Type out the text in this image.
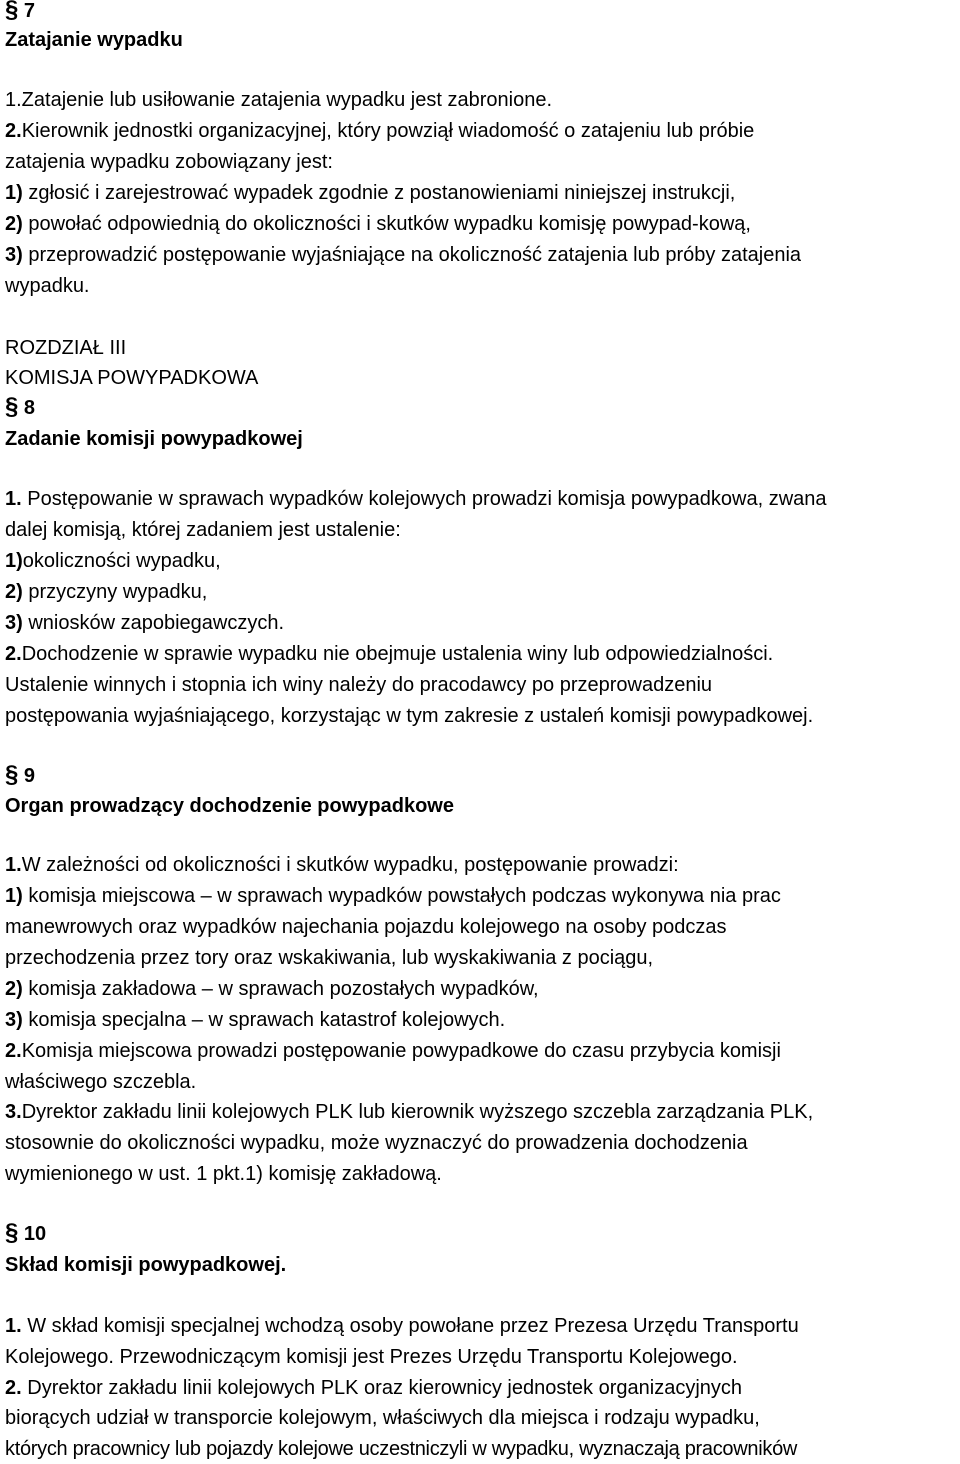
§ 7
Zatajanie wypadku
1.Zatajenie lub usiłowanie zatajenia wypadku jest zabronione.
2.Kierownik jednostki organizacyjnej, który powziął wiadomość o zatajeniu lub próbie
zatajenia wypadku zobowiązany jest:
1) zgłosić i zarejestrować wypadek zgodnie z postanowieniami niniejszej instrukcji,
2) powołać odpowiednią do okoliczności i skutków wypadku komisję powypad-kową,
3) przeprowadzić postępowanie wyjaśniające na okoliczność zatajenia lub próby zatajenia
wypadku.
ROZDZIAŁ III
KOMISJA POWYPADKOWA
§ 8
Zadanie komisji powypadkowej
1. Postępowanie w sprawach wypadków kolejowych prowadzi komisja powypadkowa, zwana
dalej komisją, której zadaniem jest ustalenie:
1)okoliczności wypadku,
2) przyczyny wypadku,
3) wniosków zapobiegawczych.
2.Dochodzenie w sprawie wypadku nie obejmuje ustalenia winy lub odpowiedzialności.
Ustalenie winnych i stopnia ich winy należy do pracodawcy po przeprowadzeniu
postępowania wyjaśniającego, korzystając w tym zakresie z ustaleń komisji powypadkowej.
§ 9
Organ prowadzący dochodzenie powypadkowe
1.W zależności od okoliczności i skutków wypadku, postępowanie prowadzi:
1) komisja miejscowa – w sprawach wypadków powstałych podczas wykonywa nia prac
manewrowych oraz wypadków najechania pojazdu kolejowego na osoby podczas
przechodzenia przez tory oraz wskakiwania, lub wyskakiwania z pociągu,
2) komisja zakładowa – w sprawach pozostałych wypadków,
3) komisja specjalna – w sprawach katastrof kolejowych.
2.Komisja miejscowa prowadzi postępowanie powypadkowe do czasu przybycia komisji
właściwego szczebla.
3.Dyrektor zakładu linii kolejowych PLK lub kierownik wyższego szczebla zarządzania PLK,
stosownie do okoliczności wypadku, może wyznaczyć do prowadzenia dochodzenia
wymienionego w ust. 1 pkt.1) komisję zakładową.
§ 10
Skład komisji powypadkowej.
1. W skład komisji specjalnej wchodzą osoby powołane przez Prezesa Urzędu Transportu
Kolejowego. Przewodniczącym komisji jest Prezes Urzędu Transportu Kolejowego.
2. Dyrektor zakładu linii kolejowych PLK oraz kierownicy jednostek organizacyjnych
biorących udział w transporcie kolejowym, właściwych dla miejsca i rodzaju wypadku,
których pracownicy lub pojazdy kolejowe uczestniczyli w wypadku, wyznaczają pracowników
